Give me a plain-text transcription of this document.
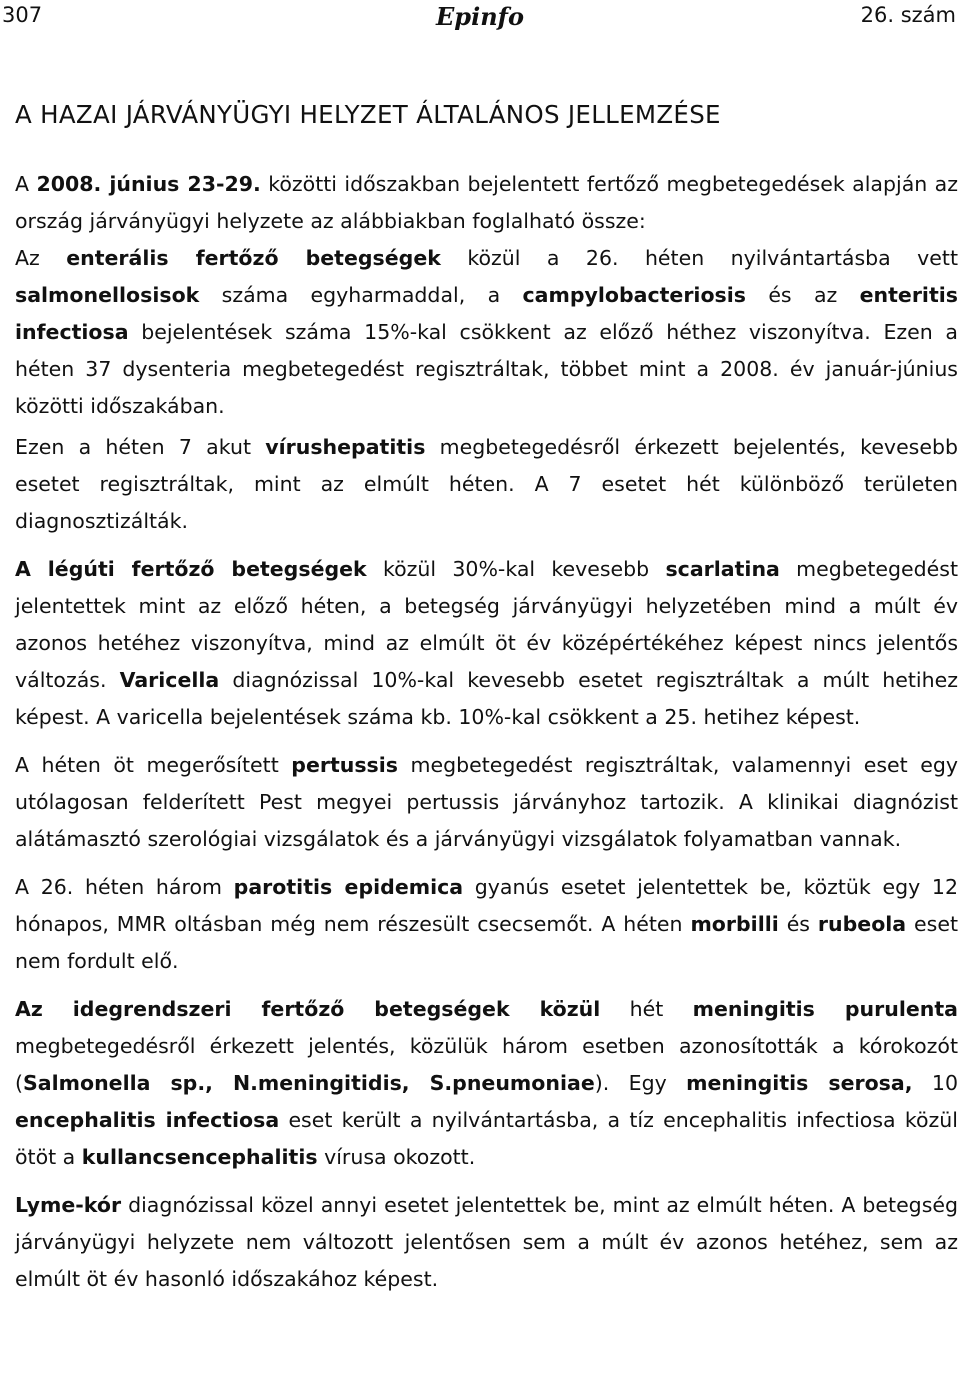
307	Epinfo	26. szám
A HAZAI JÁRVÁNYÜGYI HELYZET ÁLTALÁNOS JELLEMZÉSE

A 2008. június 23-29. közötti időszakban bejelentett fertőző megbetegedések alapján az ország járványügyi helyzete az alábbiakban foglalható össze:

Az enterális fertőző betegségek közül a 26. héten nyilvántartásba vett salmonellosisok száma egyharmaddal, a campylobacteriosis és az enteritis infectiosa bejelentések száma 15%-kal csökkent az előző héthez viszonyítva. Ezen a héten 37 dysenteria megbetegedést regisztráltak, többet mint a 2008. év január-június közötti időszakában.

Ezen a héten 7 akut vírushepatitis megbetegedésről érkezett bejelentés, kevesebb esetet regisztráltak, mint az elmúlt héten. A 7 esetet hét különböző területen diagnosztizálták.

A légúti fertőző betegségek közül 30%-kal kevesebb scarlatina megbetegedést jelentettek mint az előző héten, a betegség járványügyi helyzetében mind a múlt év azonos hetéhez viszonyítva, mind az elmúlt öt év középértékéhez képest nincs jelentős változás. Varicella diagnózissal 10%-kal kevesebb esetet regisztráltak a múlt hetihez képest. A varicella bejelentések száma kb. 10%-kal csökkent a 25. hetihez képest.

A héten öt megerősített pertussis megbetegedést regisztráltak, valamennyi eset egy utólagosan felderített Pest megyei pertussis járványhoz tartozik. A klinikai diagnózist alátámasztó szerológiai vizsgálatok és a járványügyi vizsgálatok folyamatban vannak.

A 26. héten három parotitis epidemica gyanús esetet jelentettek be, köztük egy 12 hónapos, MMR oltásban még nem részesült csecsemőt. A héten morbilli és rubeola eset nem fordult elő.

Az idegrendszeri fertőző betegségek közül hét meningitis purulenta megbetegedésről érkezett jelentés, közülük három esetben azonosították a kórokozót (Salmonella sp., N.meningitidis, S.pneumoniae). Egy meningitis serosa, 10 encephalitis infectiosa eset került a nyilvántartásba, a tíz encephalitis infectiosa közül ötöt a kullancsencephalitis vírusa okozott.

Lyme-kór diagnózissal közel annyi esetet jelentettek be, mint az elmúlt héten. A betegség járványügyi helyzete nem változott jelentősen sem a múlt év azonos hetéhez, sem az elmúlt öt év hasonló időszakához képest.
